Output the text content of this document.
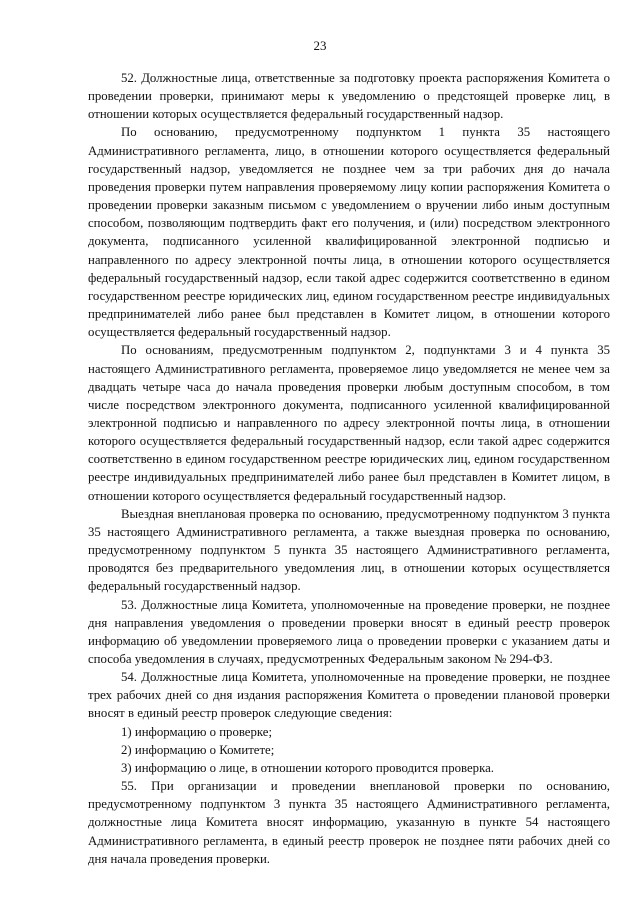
23

52. Должностные лица, ответственные за подготовку проекта распоряжения Комитета о проведении проверки, принимают меры к уведомлению о предстоящей проверке лиц, в отношении которых осуществляется федеральный государственный надзор.

По основанию, предусмотренному подпунктом 1 пункта 35 настоящего Административного регламента, лицо, в отношении которого осуществляется федеральный государственный надзор, уведомляется не позднее чем за три рабочих дня до начала проведения проверки путем направления проверяемому лицу копии распоряжения Комитета о проведении проверки заказным письмом с уведомлением о вручении либо иным доступным способом, позволяющим подтвердить факт его получения, и (или) посредством электронного документа, подписанного усиленной квалифицированной электронной подписью и направленного по адресу электронной почты лица, в отношении которого осуществляется федеральный государственный надзор, если такой адрес содержится соответственно в едином государственном реестре юридических лиц, едином государственном реестре индивидуальных предпринимателей либо ранее был представлен в Комитет лицом, в отношении которого осуществляется федеральный государственный надзор.

По основаниям, предусмотренным подпунктом 2, подпунктами 3 и 4 пункта 35 настоящего Административного регламента, проверяемое лицо уведомляется не менее чем за двадцать четыре часа до начала проведения проверки любым доступным способом, в том числе посредством электронного документа, подписанного усиленной квалифицированной электронной подписью и направленного по адресу электронной почты лица, в отношении которого осуществляется федеральный государственный надзор, если такой адрес содержится соответственно в едином государственном реестре юридических лиц, едином государственном реестре индивидуальных предпринимателей либо ранее был представлен в Комитет лицом, в отношении которого осуществляется федеральный государственный надзор.

Выездная внеплановая проверка по основанию, предусмотренному подпунктом 3 пункта 35 настоящего Административного регламента, а также выездная проверка по основанию, предусмотренному подпунктом 5 пункта 35 настоящего Административного регламента, проводятся без предварительного уведомления лиц, в отношении которых осуществляется федеральный государственный надзор.

53. Должностные лица Комитета, уполномоченные на проведение проверки, не позднее дня направления уведомления о проведении проверки вносят в единый реестр проверок информацию об уведомлении проверяемого лица о проведении проверки с указанием даты и способа уведомления в случаях, предусмотренных Федеральным законом № 294-ФЗ.

54. Должностные лица Комитета, уполномоченные на проведение проверки, не позднее трех рабочих дней со дня издания распоряжения Комитета о проведении плановой проверки вносят в единый реестр проверок следующие сведения:

1) информацию о проверке;

2) информацию о Комитете;

3) информацию о лице, в отношении которого проводится проверка.

55. При организации и проведении внеплановой проверки по основанию, предусмотренному подпунктом 3 пункта 35 настоящего Административного регламента, должностные лица Комитета вносят информацию, указанную в пункте 54 настоящего Административного регламента, в единый реестр проверок не позднее пяти рабочих дней со дня начала проведения проверки.
